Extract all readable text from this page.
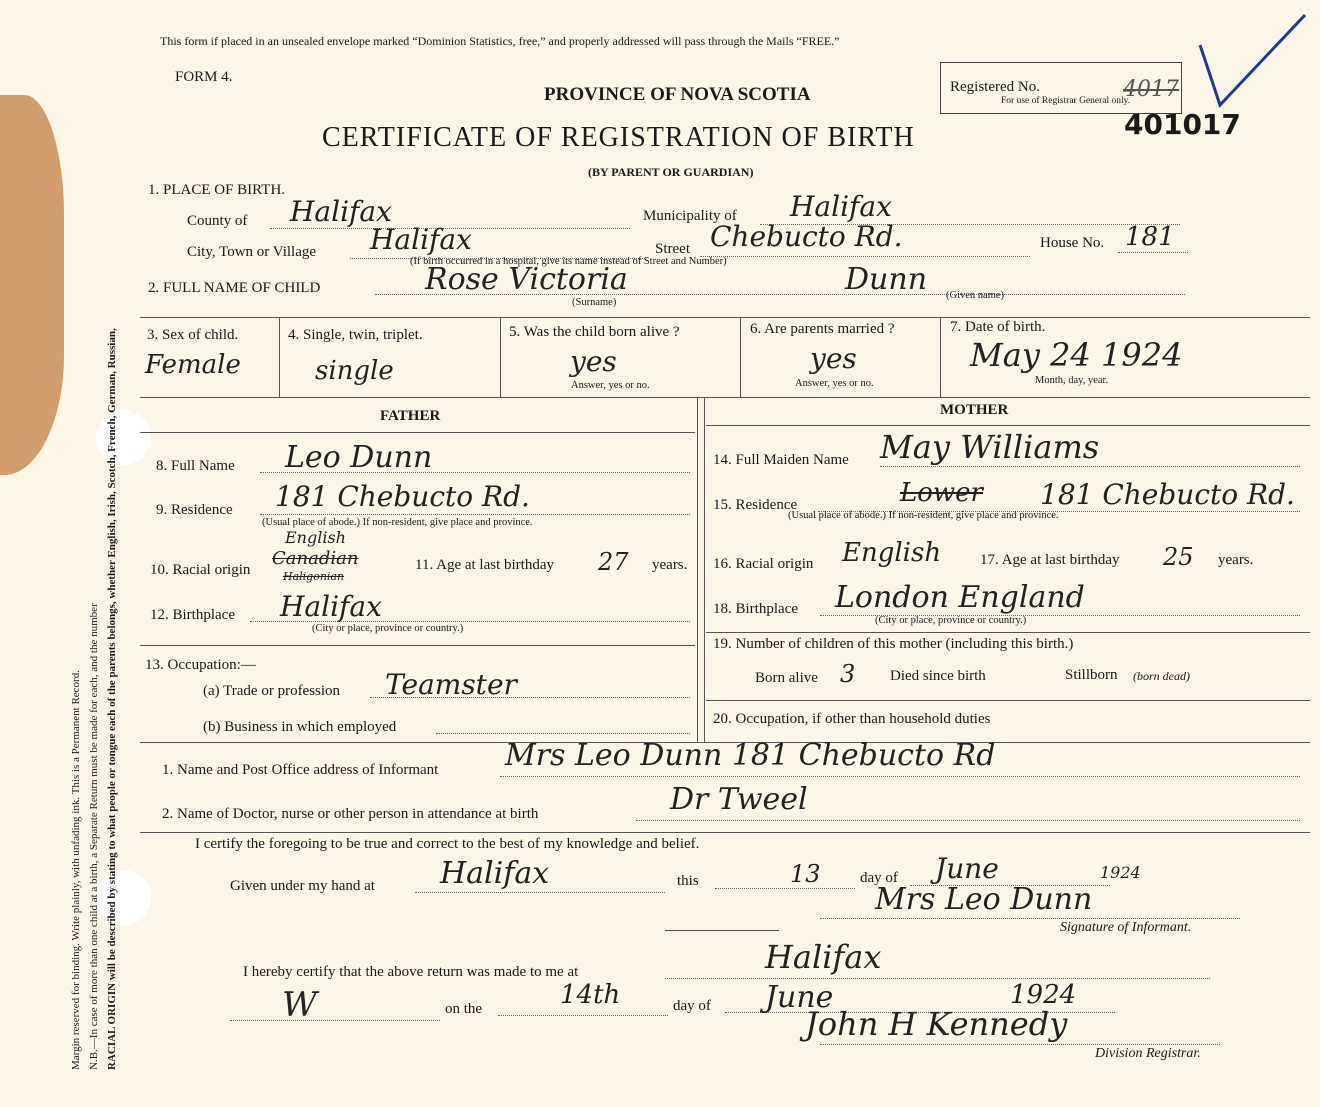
Margin reserved for binding. Write plainly, with unfading ink. This is a Permanent Record. N.B.—In case of more than one child at a birth, a Separate Return must be made for each, and the number RACIAL ORIGIN will be described by stating to what people or tongue each of the parents belongs, whether English, Irish, Scotch, French, German, Russian,
This form if placed in an unsealed envelope marked “Dominion Statistics, free,” and properly addressed will pass through the Mails “FREE.”
FORM 4.
PROVINCE OF NOVA SCOTIA
CERTIFICATE OF REGISTRATION OF BIRTH
(BY PARENT OR GUARDIAN)
Registered No.
For use of Registrar General only.
4017
401017
1. PLACE OF BIRTH.
County of Halifax	Municipality of Halifax
City, Town or Village Halifax	Street Chebucto Rd.	House No. 181
(If birth occurred in a hospital, give its name instead of Street and Number)
2. FULL NAME OF CHILD	Rose Victoria	Dunn
(Surname)
(Given name)
3. Sex of child.
Female
4. Single, twin, triplet.
single
5. Was the child born alive ?
yes
Answer, yes or no.
6. Are parents married ?
yes
Answer, yes or no.
7. Date of birth.
May 24 1924
Month, day, year.
FATHER	MOTHER
8. Full Name Leo Dunn
9. Residence 181 Chebucto Rd.
(Usual place of abode.) If non-resident, give place and province.
10. Racial origin
English
Canadian
Haligonian
11. Age at last birthday 27 years.
12. Birthplace Halifax
(City or place, province or country.)
13. Occupation:—
(a) Trade or profession Teamster
(b) Business in which employed
14. Full Maiden Name May Williams
15. Residence	Lower 181 Chebucto Rd.
(Usual place of abode.) If non-resident, give place and province.
16. Racial origin English	17. Age at last birthday 25 years.
18. Birthplace London England
(City or place, province or country.)
19. Number of children of this mother (including this birth.)
Born alive 3 Died since birth	Stillborn (born dead)
20. Occupation, if other than household duties
1. Name and Post Office address of Informant Mrs Leo Dunn 181 Chebucto Rd
2. Name of Doctor, nurse or other person in attendance at birth	Dr Tweel
I certify the foregoing to be true and correct to the best of my knowledge and belief.
Given under my hand at Halifax	this	13	day of June	1924
Mrs Leo Dunn
Signature of Informant.
I hereby certify that the above return was made to me at	Halifax
W	on the	14th	day of June	1924
John H Kennedy
Division Registrar.
